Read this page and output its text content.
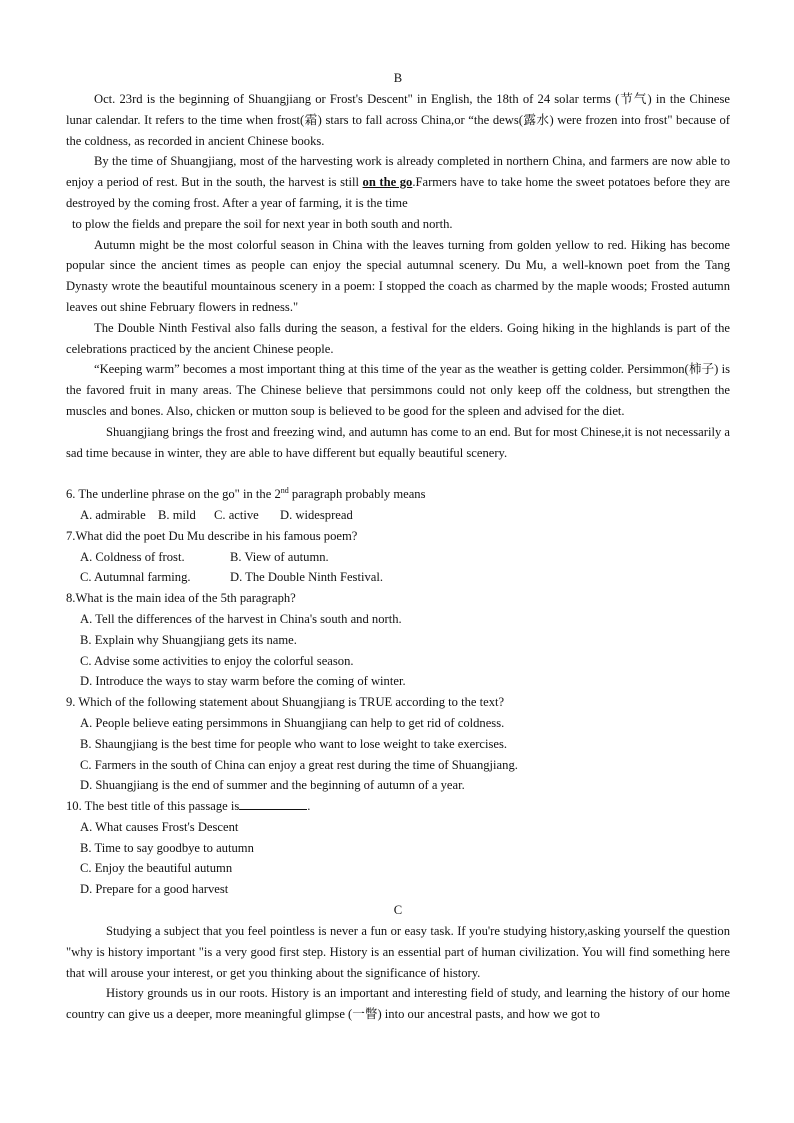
B

Oct. 23rd is the beginning of Shuangjiang or Frost's Descent" in English, the 18th of 24 solar terms (节气) in the Chinese lunar calendar. It refers to the time when frost(霜) stars to fall across China,or “the dews(露水) were frozen into frost" because of the coldness, as recorded in ancient Chinese books.

By the time of Shuangjiang, most of the harvesting work is already completed in northern China, and farmers are now able to enjoy a period of rest. But in the south, the harvest is still on the go.Farmers have to take home the sweet potatoes before they are destroyed by the coming frost. After a year of farming, it is the time

to plow the fields and prepare the soil for next year in both south and north.

Autumn might be the most colorful season in China with the leaves turning from golden yellow to red. Hiking has become popular since the ancient times as people can enjoy the special autumnal scenery. Du Mu, a well-known poet from the Tang Dynasty wrote the beautiful mountainous scenery in a poem: I stopped the coach as charmed by the maple woods; Frosted autumn leaves out shine February flowers in redness."

The Double Ninth Festival also falls during the season, a festival for the elders. Going hiking in the highlands is part of the celebrations practiced by the ancient Chinese people.

“Keeping warm” becomes a most important thing at this time of the year as the weather is getting colder. Persimmon(柿子) is the favored fruit in many areas. The Chinese believe that persimmons could not only keep off the coldness, but strengthen the muscles and bones. Also, chicken or mutton soup is believed to be good for the spleen and advised for the diet.

Shuangjiang brings the frost and freezing wind, and autumn has come to an end. But for most Chinese,it is not necessarily a sad time because in winter, they are able to have different but equally beautiful scenery.

6. The underline phrase on the go" in the 2nd paragraph probably means
A. admirable B. mild	C. active	D. widespread
7.What did the poet Du Mu describe in his famous poem?
A. Coldness of frost.	B. View of autumn.
C. Autumnal farming.	D. The Double Ninth Festival.
8.What is the main idea of the 5th paragraph?
A. Tell the differences of the harvest in China's south and north.
B. Explain why Shuangjiang gets its name.
C. Advise some activities to enjoy the colorful season.
D. Introduce the ways to stay warm before the coming of winter.
9. Which of the following statement about Shuangjiang is TRUE according to the text?
A. People believe eating persimmons in Shuangjiang can help to get rid of coldness.
B. Shaungjiang is the best time for people who want to lose weight to take exercises.
C. Farmers in the south of China can enjoy a great rest during the time of Shuangjiang.
D. Shuangjiang is the end of summer and the beginning of autumn of a year.
10. The best title of this passage is	.
A. What causes Frost's Descent
B. Time to say goodbye to autumn
C. Enjoy the beautiful autumn
D. Prepare for a good harvest
C

Studying a subject that you feel pointless is never a fun or easy task. If you're studying history,asking yourself the question "why is history important "is a very good first step. History is an essential part of human civilization. You will find something here that will arouse your interest, or get you thinking about the significance of history.

History grounds us in our roots. History is an important and interesting field of study, and learning the history of our home country can give us a deeper, more meaningful glimpse (一瞥) into our ancestral pasts, and how we got to
